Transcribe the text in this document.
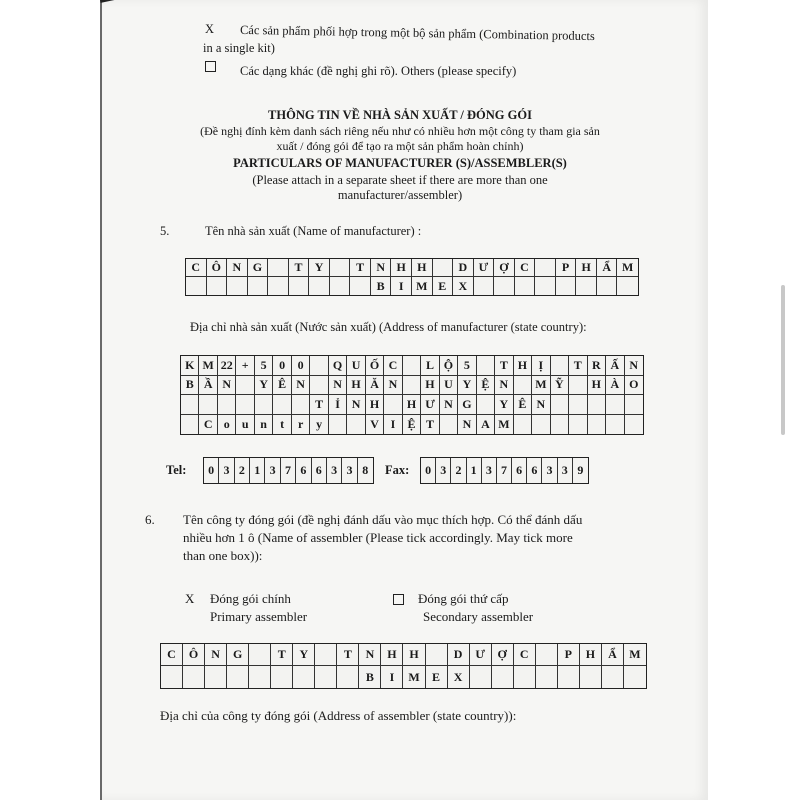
X Các sản phẩm phối hợp trong một bộ sản phẩm (Combination products
in a single kit)
Các dạng khác (đề nghị ghi rõ). Others (please specify)
THÔNG TIN VỀ NHÀ SẢN XUẤT / ĐÓNG GÓI
(Đề nghị đính kèm danh sách riêng nếu như có nhiều hơn một công ty tham gia sản
xuất / đóng gói để tạo ra một sản phẩm hoàn chỉnh)
PARTICULARS OF MANUFACTURER (S)/ASSEMBLER(S)
(Please attach in a separate sheet if there are more than one
manufacturer/assembler)
5.	Tên nhà sản xuất (Name of manufacturer) :
C Ô N G	T	Y	T	N H H	D Ư Ợ C	P	H Ẩ M
B	I	M E	X
Địa chỉ nhà sản xuất (Nước sản xuất) (Address of manufacturer (state country):
K M 22 +	5	0	0	Q U Ố C	L Ộ 5	T H Ị	T R Ấ N
B Ầ N	Y Ê N	N H Ă N	H U Y Ệ N	M Ỹ	H À O
T	Ỉ N H	H Ư N G	Y Ê N
C o	u n	t	r	y	V I	Ệ T	N A M
Tel:	0 3 2 1 3 7 6 6 3 3 8	Fax:	0 3 2 1 3 7 6 6 3 3 9
6. Tên công ty đóng gói (đề nghị đánh dấu vào mục thích hợp. Có thể đánh dấu
nhiều hơn 1 ô (Name of assembler (Please tick accordingly. May tick more
than one box)):
X Đóng gói chính
Primary assembler
Đóng gói thứ cấp
Secondary assembler
C	Ô	N	G	T	Y	T	N	H	H	D	Ư	Ợ	C	P	H	Ẩ	M
B	I	M	E	X
Địa chỉ của công ty đóng gói (Address of assembler (state country)):
